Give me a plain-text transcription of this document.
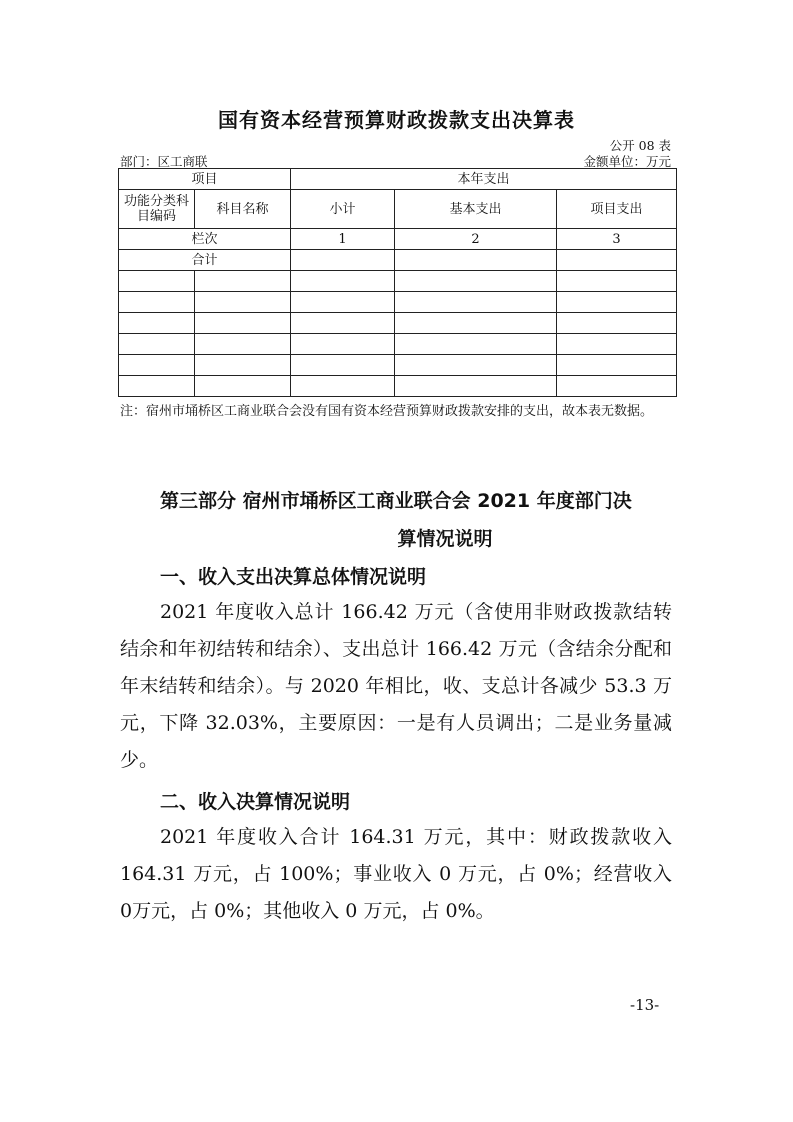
国有资本经营预算财政拨款支出决算表
公开 08 表
部门：区工商联	金额单位：万元
项目		本年支出		
功能分类科目编码	科目名称	小计	基本支出	项目支出
栏次		1	2	3
合计				

注：宿州市埇桥区工商业联合会没有国有资本经营预算财政拨款安排的支出，故本表无数据。
第三部分 宿州市埇桥区工商业联合会 2021 年度部门决
算情况说明
一、收入支出决算总体情况说明
2021 年度收入总计 166.42 万元（含使用非财政拨款结转结余和年初结转和结余）、支出总计 166.42 万元（含结余分配和年末结转和结余）。与 2020 年相比，收、支总计各减少 53.3 万元，下降 32.03%，主要原因：一是有人员调出；二是业务量减少。
二、收入决算情况说明
2021 年度收入合计 164.31 万元，其中：财政拨款收入164.31 万元，占 100%；事业收入 0 万元，占 0%；经营收入 0万元，占 0%；其他收入 0 万元，占 0%。
-13-
